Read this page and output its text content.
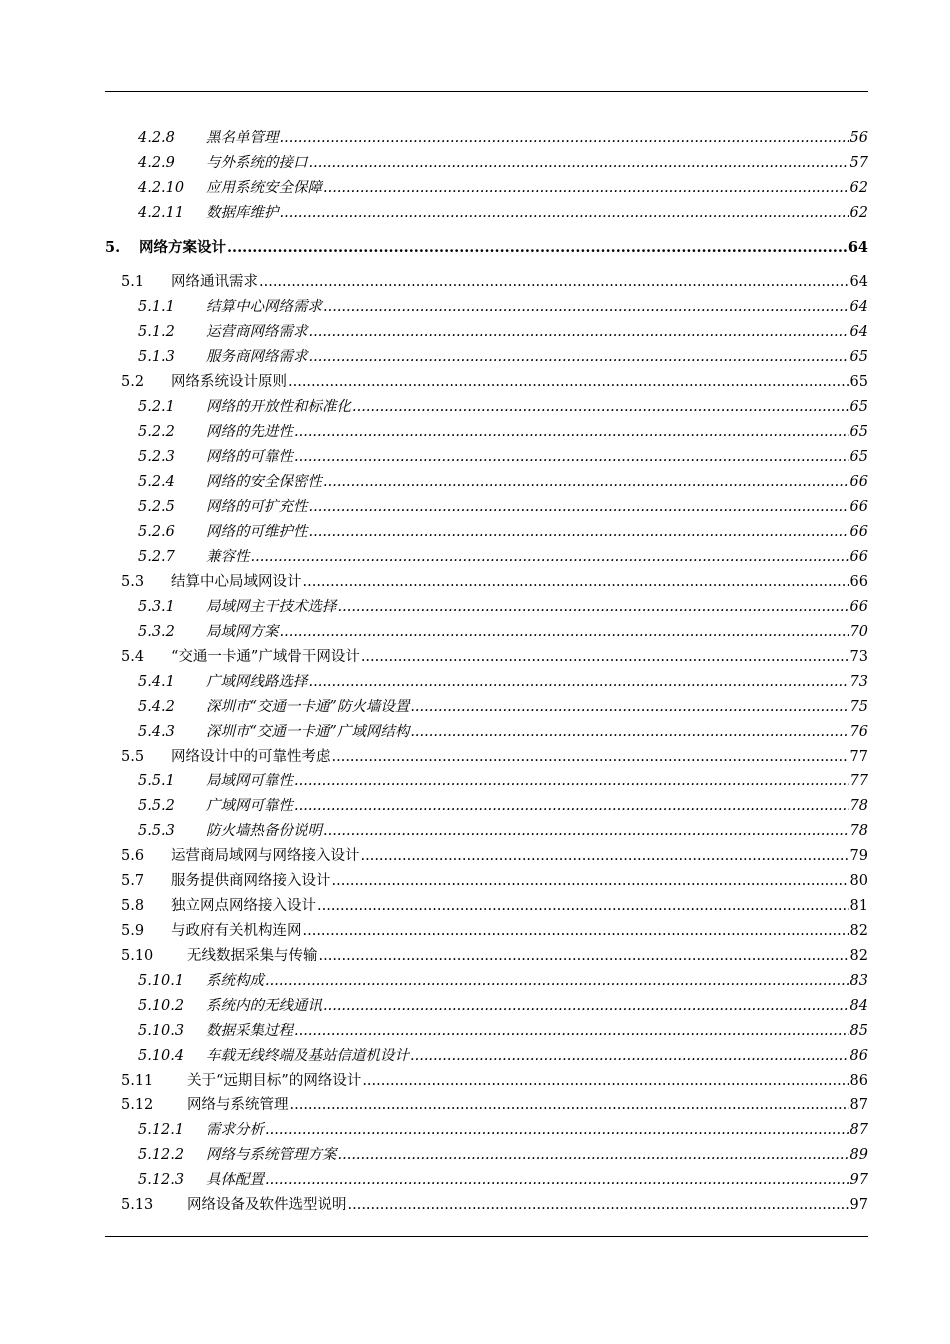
4.2.8 黑名单管理 .....	56
4.2.9 与外系统的接口 .....	57
4.2.10 应用系统安全保障 .....	62
4.2.11 数据库维护 .....	62
5. 网络方案设计 .....	64
5.1 网络通讯需求 .....	64
5.1.1 结算中心网络需求 .....	64
5.1.2 运营商网络需求 .....	64
5.1.3 服务商网络需求 .....	65
5.2 网络系统设计原则 .....	65
5.2.1 网络的开放性和标准化 .....	65
5.2.2 网络的先进性 .....	65
5.2.3 网络的可靠性 .....	65
5.2.4 网络的安全保密性 .....	66
5.2.5 网络的可扩充性 .....	66
5.2.6 网络的可维护性 .....	66
5.2.7 兼容性 .....	66
5.3 结算中心局域网设计 .....	66
5.3.1 局域网主干技术选择 .....	66
5.3.2 局域网方案 .....	70
5.4 “交通一卡通”广域骨干网设计 .....	73
5.4.1 广域网线路选择 .....	73
5.4.2 深圳市“交通一卡通”防火墙设置 .....	75
5.4.3 深圳市“交通一卡通”广域网结构 .....	76
5.5 网络设计中的可靠性考虑 .....	77
5.5.1 局域网可靠性 .....	77
5.5.2 广域网可靠性 .....	78
5.5.3 防火墙热备份说明 .....	78
5.6 运营商局域网与网络接入设计 .....	79
5.7 服务提供商网络接入设计 .....	80
5.8 独立网点网络接入设计 .....	81
5.9 与政府有关机构连网 .....	82
5.10 无线数据采集与传输 .....	82
5.10.1 系统构成 .....	83
5.10.2 系统内的无线通讯 .....	84
5.10.3 数据采集过程 .....	85
5.10.4 车载无线终端及基站信道机设计 .....	86
5.11 关于“远期目标”的网络设计 .....	86
5.12 网络与系统管理 .....	87
5.12.1 需求分析 .....	87
5.12.2 网络与系统管理方案 .....	89
5.12.3 具体配置 .....	97
5.13 网络设备及软件选型说明 .....	97
